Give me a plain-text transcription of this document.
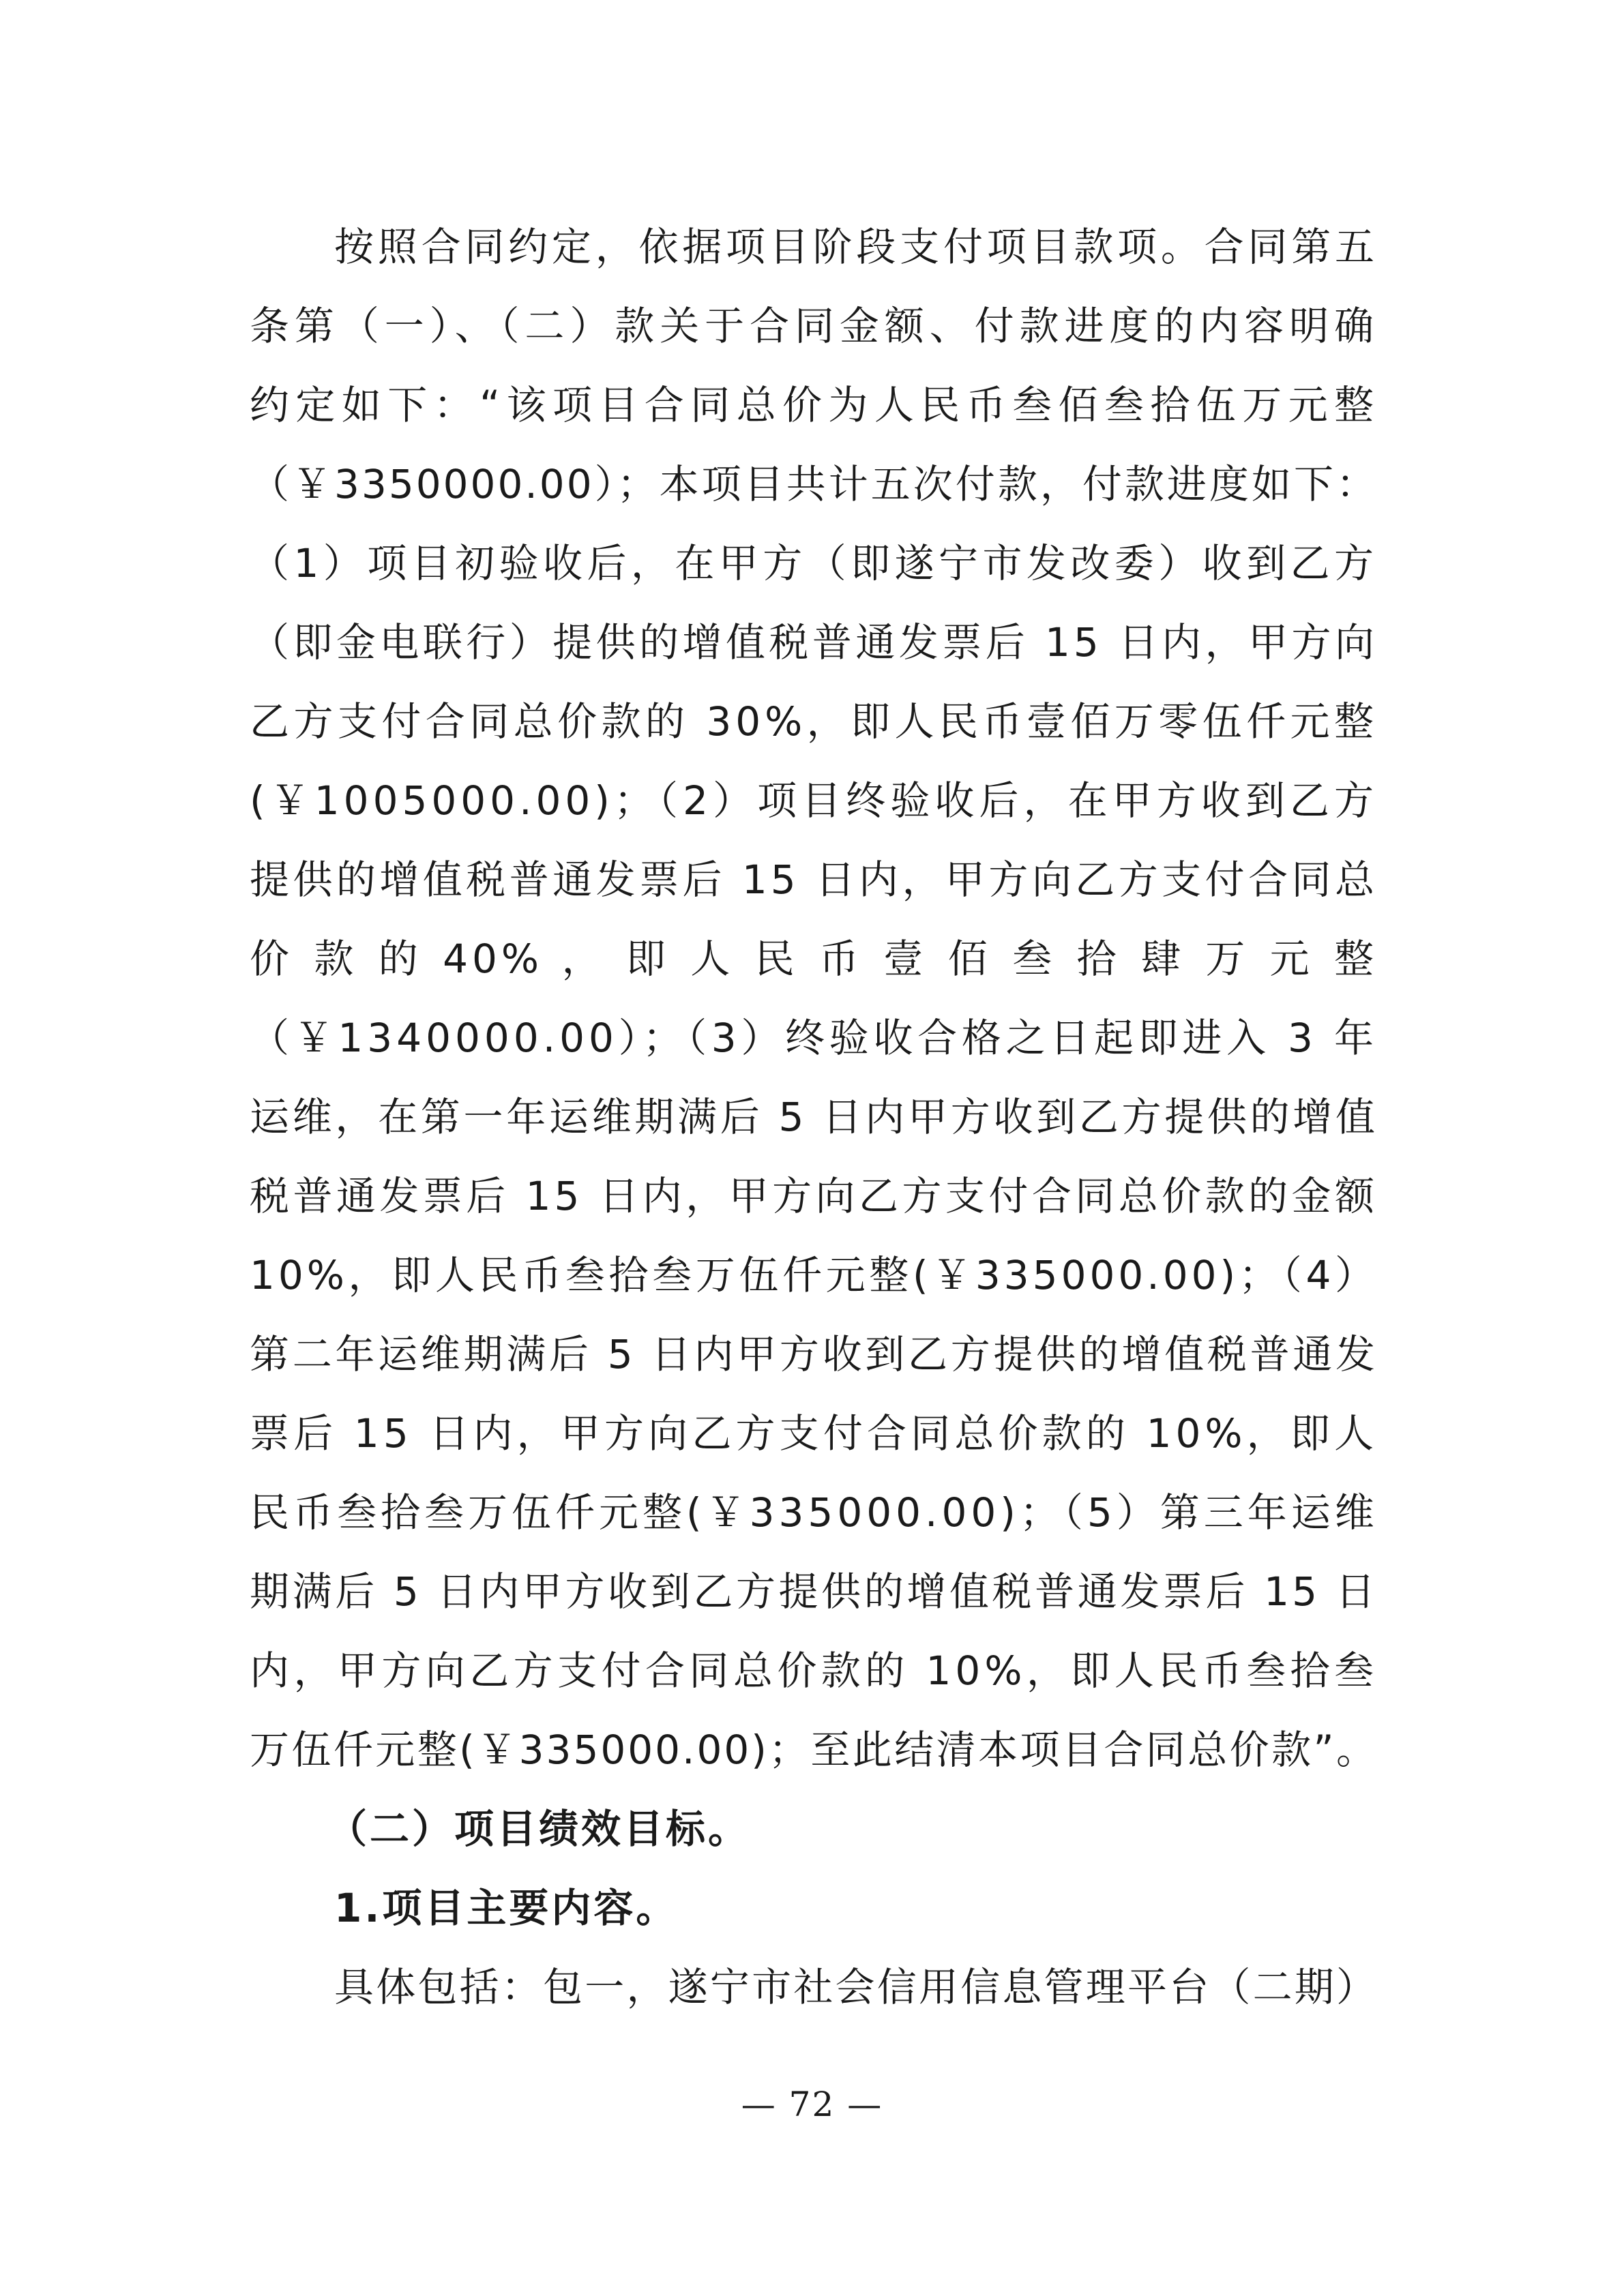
按照合同约定，依据项目阶段支付项目款项。合同第五
条第（一）、（二）款关于合同金额、付款进度的内容明确
约定如下：“该项目合同总价为人民币叁佰叁拾伍万元整
（￥3350000.00）；本项目共计五次付款，付款进度如下：
（1）项目初验收后，在甲方（即遂宁市发改委）收到乙方
（即金电联行）提供的增值税普通发票后 15 日内，甲方向
乙方支付合同总价款的 30%，即人民币壹佰万零伍仟元整
(￥1005000.00)；（2）项目终验收后，在甲方收到乙方
提供的增值税普通发票后 15 日内，甲方向乙方支付合同总
价 款 的 40% ， 即 人 民 币 壹 佰 叁 拾 肆 万 元 整
（￥1340000.00）；（3）终验收合格之日起即进入 3 年
运维，在第一年运维期满后 5 日内甲方收到乙方提供的增值
税普通发票后 15 日内，甲方向乙方支付合同总价款的金额
10%，即人民币叁拾叁万伍仟元整(￥335000.00)；（4）
第二年运维期满后 5 日内甲方收到乙方提供的增值税普通发
票后 15 日内，甲方向乙方支付合同总价款的 10%，即人
民币叁拾叁万伍仟元整(￥335000.00)；（5）第三年运维
期满后 5 日内甲方收到乙方提供的增值税普通发票后 15 日
内，甲方向乙方支付合同总价款的 10%，即人民币叁拾叁
万伍仟元整(￥335000.00)；至此结清本项目合同总价款”。
（二）项目绩效目标。
1.项目主要内容。
具体包括：包一，遂宁市社会信用信息管理平台（二期）
— 72 —
